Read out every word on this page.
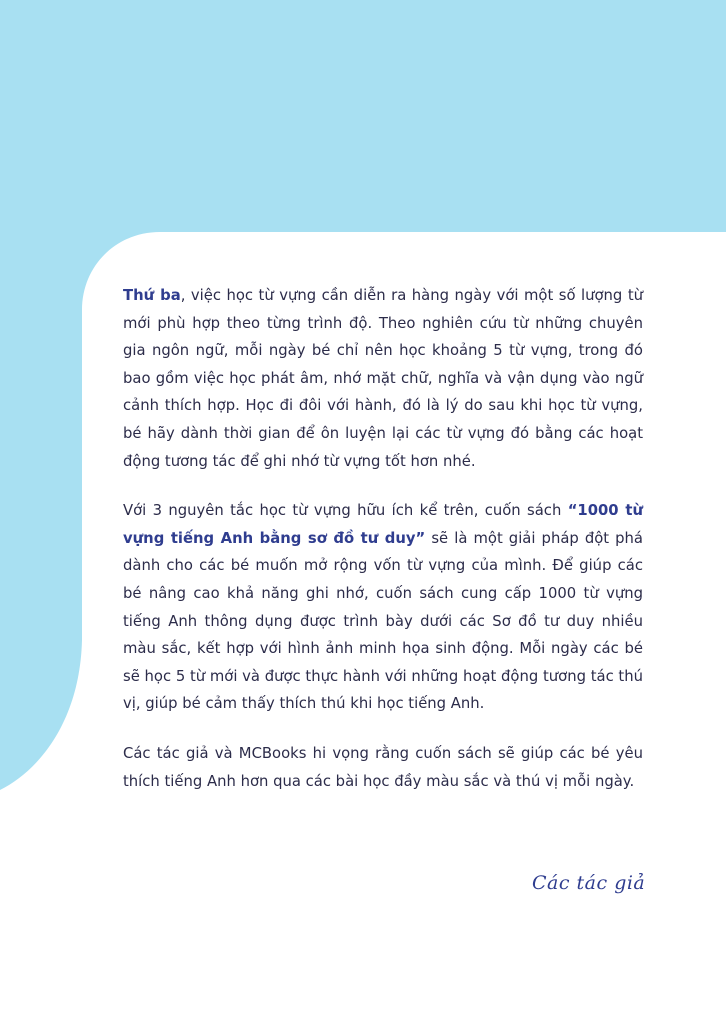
Thứ ba, việc học từ vựng cần diễn ra hàng ngày với một số lượng từ mới phù hợp theo từng trình độ. Theo nghiên cứu từ những chuyên gia ngôn ngữ, mỗi ngày bé chỉ nên học khoảng 5 từ vựng, trong đó bao gồm việc học phát âm, nhớ mặt chữ, nghĩa và vận dụng vào ngữ cảnh thích hợp. Học đi đôi với hành, đó là lý do sau khi học từ vựng, bé hãy dành thời gian để ôn luyện lại các từ vựng đó bằng các hoạt động tương tác để ghi nhớ từ vựng tốt hơn nhé.

Với 3 nguyên tắc học từ vựng hữu ích kể trên, cuốn sách “1000 từ vựng tiếng Anh bằng sơ đồ tư duy” sẽ là một giải pháp đột phá dành cho các bé muốn mở rộng vốn từ vựng của mình. Để giúp các bé nâng cao khả năng ghi nhớ, cuốn sách cung cấp 1000 từ vựng tiếng Anh thông dụng được trình bày dưới các Sơ đồ tư duy nhiều màu sắc, kết hợp với hình ảnh minh họa sinh động. Mỗi ngày các bé sẽ học 5 từ mới và được thực hành với những hoạt động tương tác thú vị, giúp bé cảm thấy thích thú khi học tiếng Anh.

Các tác giả và MCBooks hi vọng rằng cuốn sách sẽ giúp các bé yêu thích tiếng Anh hơn qua các bài học đầy màu sắc và thú vị mỗi ngày.

Các tác giả
